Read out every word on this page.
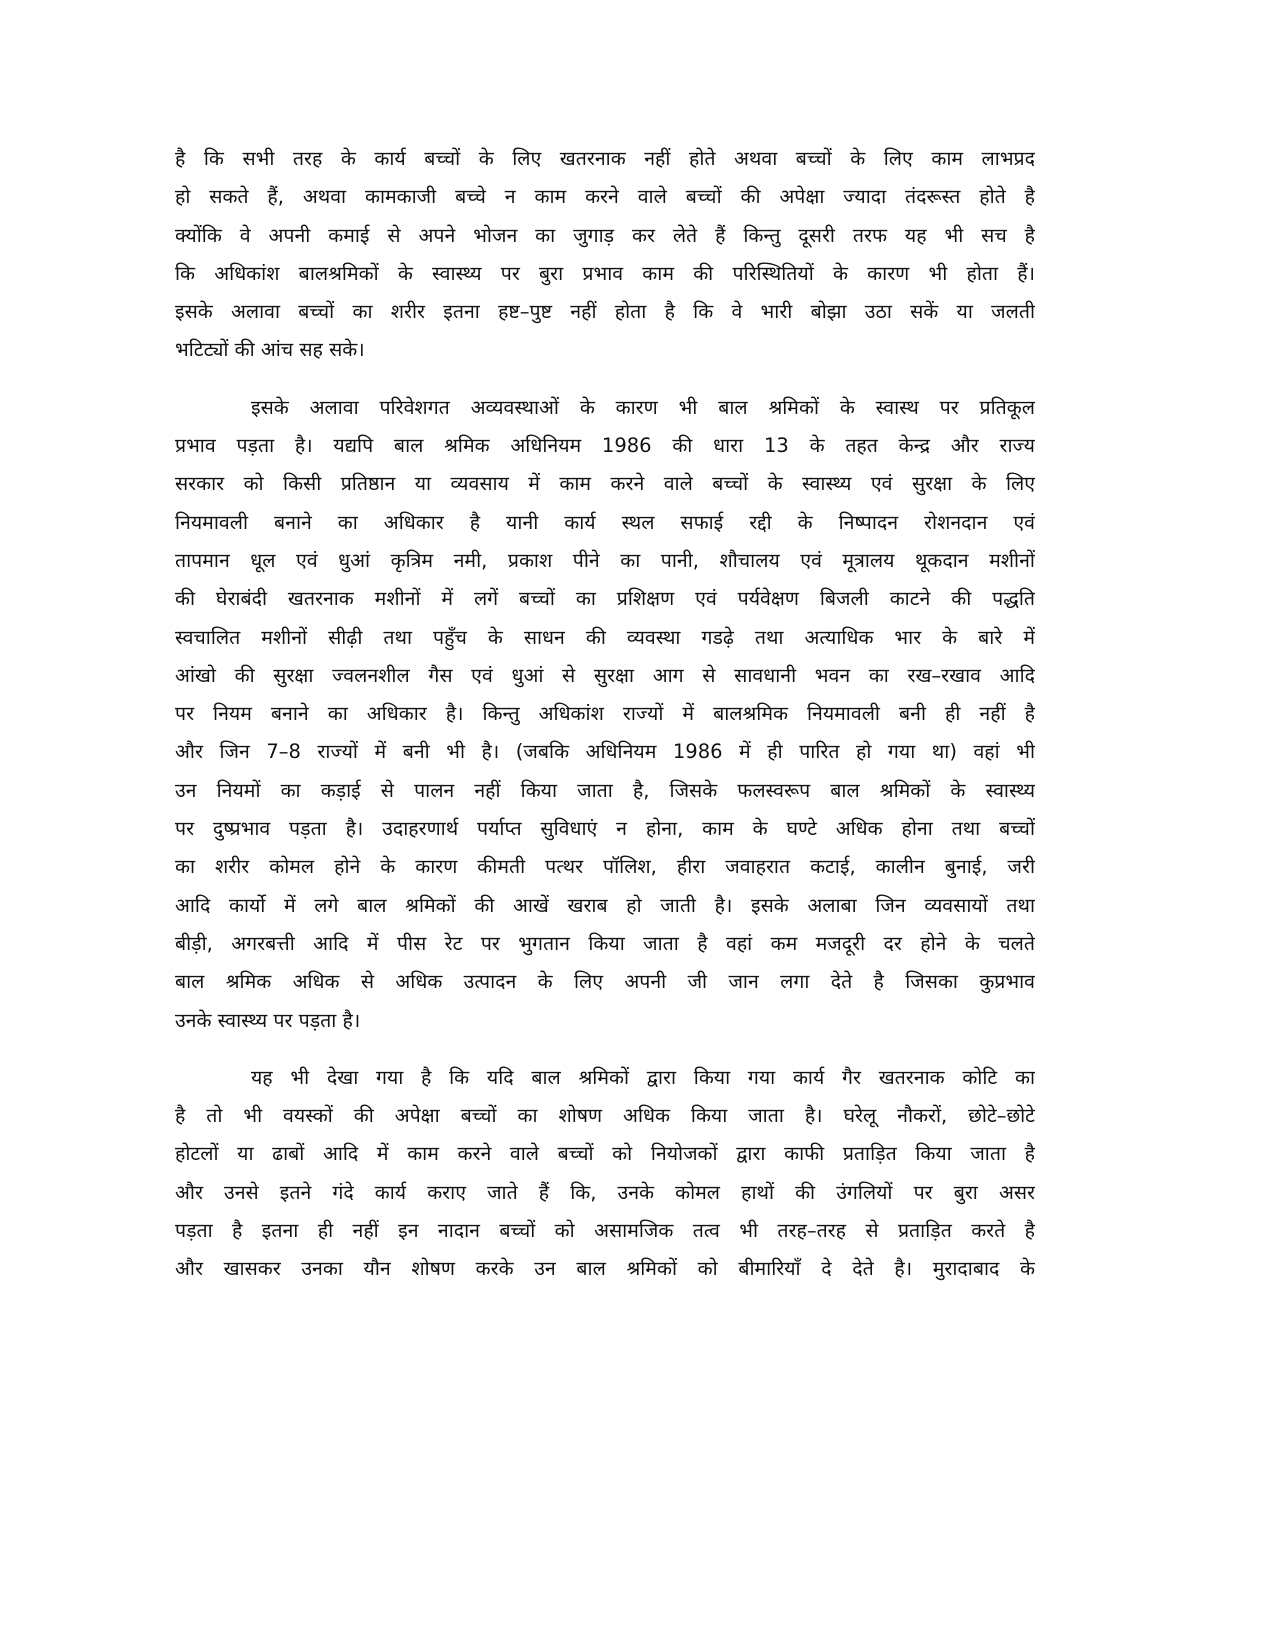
है कि सभी तरह के कार्य बच्चों के लिए खतरनाक नहीं होते अथवा बच्चों के लिए काम लाभप्रद
हो सकते हैं, अथवा कामकाजी बच्चे न काम करने वाले बच्चों की अपेक्षा ज्यादा तंदरूस्त होते है
क्योंकि वे अपनी कमाई से अपने भोजन का जुगाड़ कर लेते हैं किन्तु दूसरी तरफ यह भी सच है
कि अधिकांश बालश्रमिकों के स्वास्थ्य पर बुरा प्रभाव काम की परिस्थितियों के कारण भी होता हैं।
इसके अलावा बच्चों का शरीर इतना हष्ट–पुष्ट नहीं होता है कि वे भारी बोझा उठा सकें या जलती
भटिट्यों की आंच सह सके।
इसके अलावा परिवेशगत अव्यवस्थाओं के कारण भी बाल श्रमिकों के स्वास्थ पर प्रतिकूल
प्रभाव पड़ता है। यद्यपि बाल श्रमिक अधिनियम 1986 की धारा 13 के तहत केन्द्र और राज्य
सरकार को किसी प्रतिष्ठान या व्यवसाय में काम करने वाले बच्चों के स्वास्थ्य एवं सुरक्षा के लिए
नियमावली बनाने का अधिकार है यानी कार्य स्थल सफाई रद्दी के निष्पादन रोशनदान एवं
तापमान धूल एवं धुआं कृत्रिम नमी, प्रकाश पीने का पानी, शौचालय एवं मूत्रालय थूकदान मशीनों
की घेराबंदी खतरनाक मशीनों में लगें बच्चों का प्रशिक्षण एवं पर्यवेक्षण बिजली काटने की पद्धति
स्वचालित मशीनों सीढ़ी तथा पहुँच के साधन की व्यवस्था गडढ़े तथा अत्याधिक भार के बारे में
आंखो की सुरक्षा ज्वलनशील गैस एवं धुआं से सुरक्षा आग से सावधानी भवन का रख–रखाव आदि
पर नियम बनाने का अधिकार है। किन्तु अधिकांश राज्यों में बालश्रमिक नियमावली बनी ही नहीं है
और जिन 7–8 राज्यों में बनी भी है। (जबकि अधिनियम 1986 में ही पारित हो गया था) वहां भी
उन नियमों का कड़ाई से पालन नहीं किया जाता है, जिसके फलस्वरूप बाल श्रमिकों के स्वास्थ्य
पर दुष्प्रभाव पड़ता है। उदाहरणार्थ पर्याप्त सुविधाएं न होना, काम के घण्टे अधिक होना तथा बच्चों
का शरीर कोमल होने के कारण कीमती पत्थर पॉलिश, हीरा जवाहरात कटाई, कालीन बुनाई, जरी
आदि कार्यो में लगे बाल श्रमिकों की आखें खराब हो जाती है। इसके अलाबा जिन व्यवसायों तथा
बीड़ी, अगरबत्ती आदि में पीस रेट पर भुगतान किया जाता है वहां कम मजदूरी दर होने के चलते
बाल श्रमिक अधिक से अधिक उत्पादन के लिए अपनी जी जान लगा देते है जिसका कुप्रभाव
उनके स्वास्थ्य पर पड़ता है।
यह भी देखा गया है कि यदि बाल श्रमिकों द्वारा किया गया कार्य गैर खतरनाक कोटि का
है तो भी वयस्कों की अपेक्षा बच्चों का शोषण अधिक किया जाता है। घरेलू नौकरों, छोटे–छोटे
होटलों या ढाबों आदि में काम करने वाले बच्चों को नियोजकों द्वारा काफी प्रताड़ित किया जाता है
और उनसे इतने गंदे कार्य कराए जाते हैं कि, उनके कोमल हाथों की उंगलियों पर बुरा असर
पड़ता है इतना ही नहीं इन नादान बच्चों को असामजिक तत्व भी तरह–तरह से प्रताड़ित करते है
और खासकर उनका यौन शोषण करके उन बाल श्रमिकों को बीमारियाँ दे देते है। मुरादाबाद के
